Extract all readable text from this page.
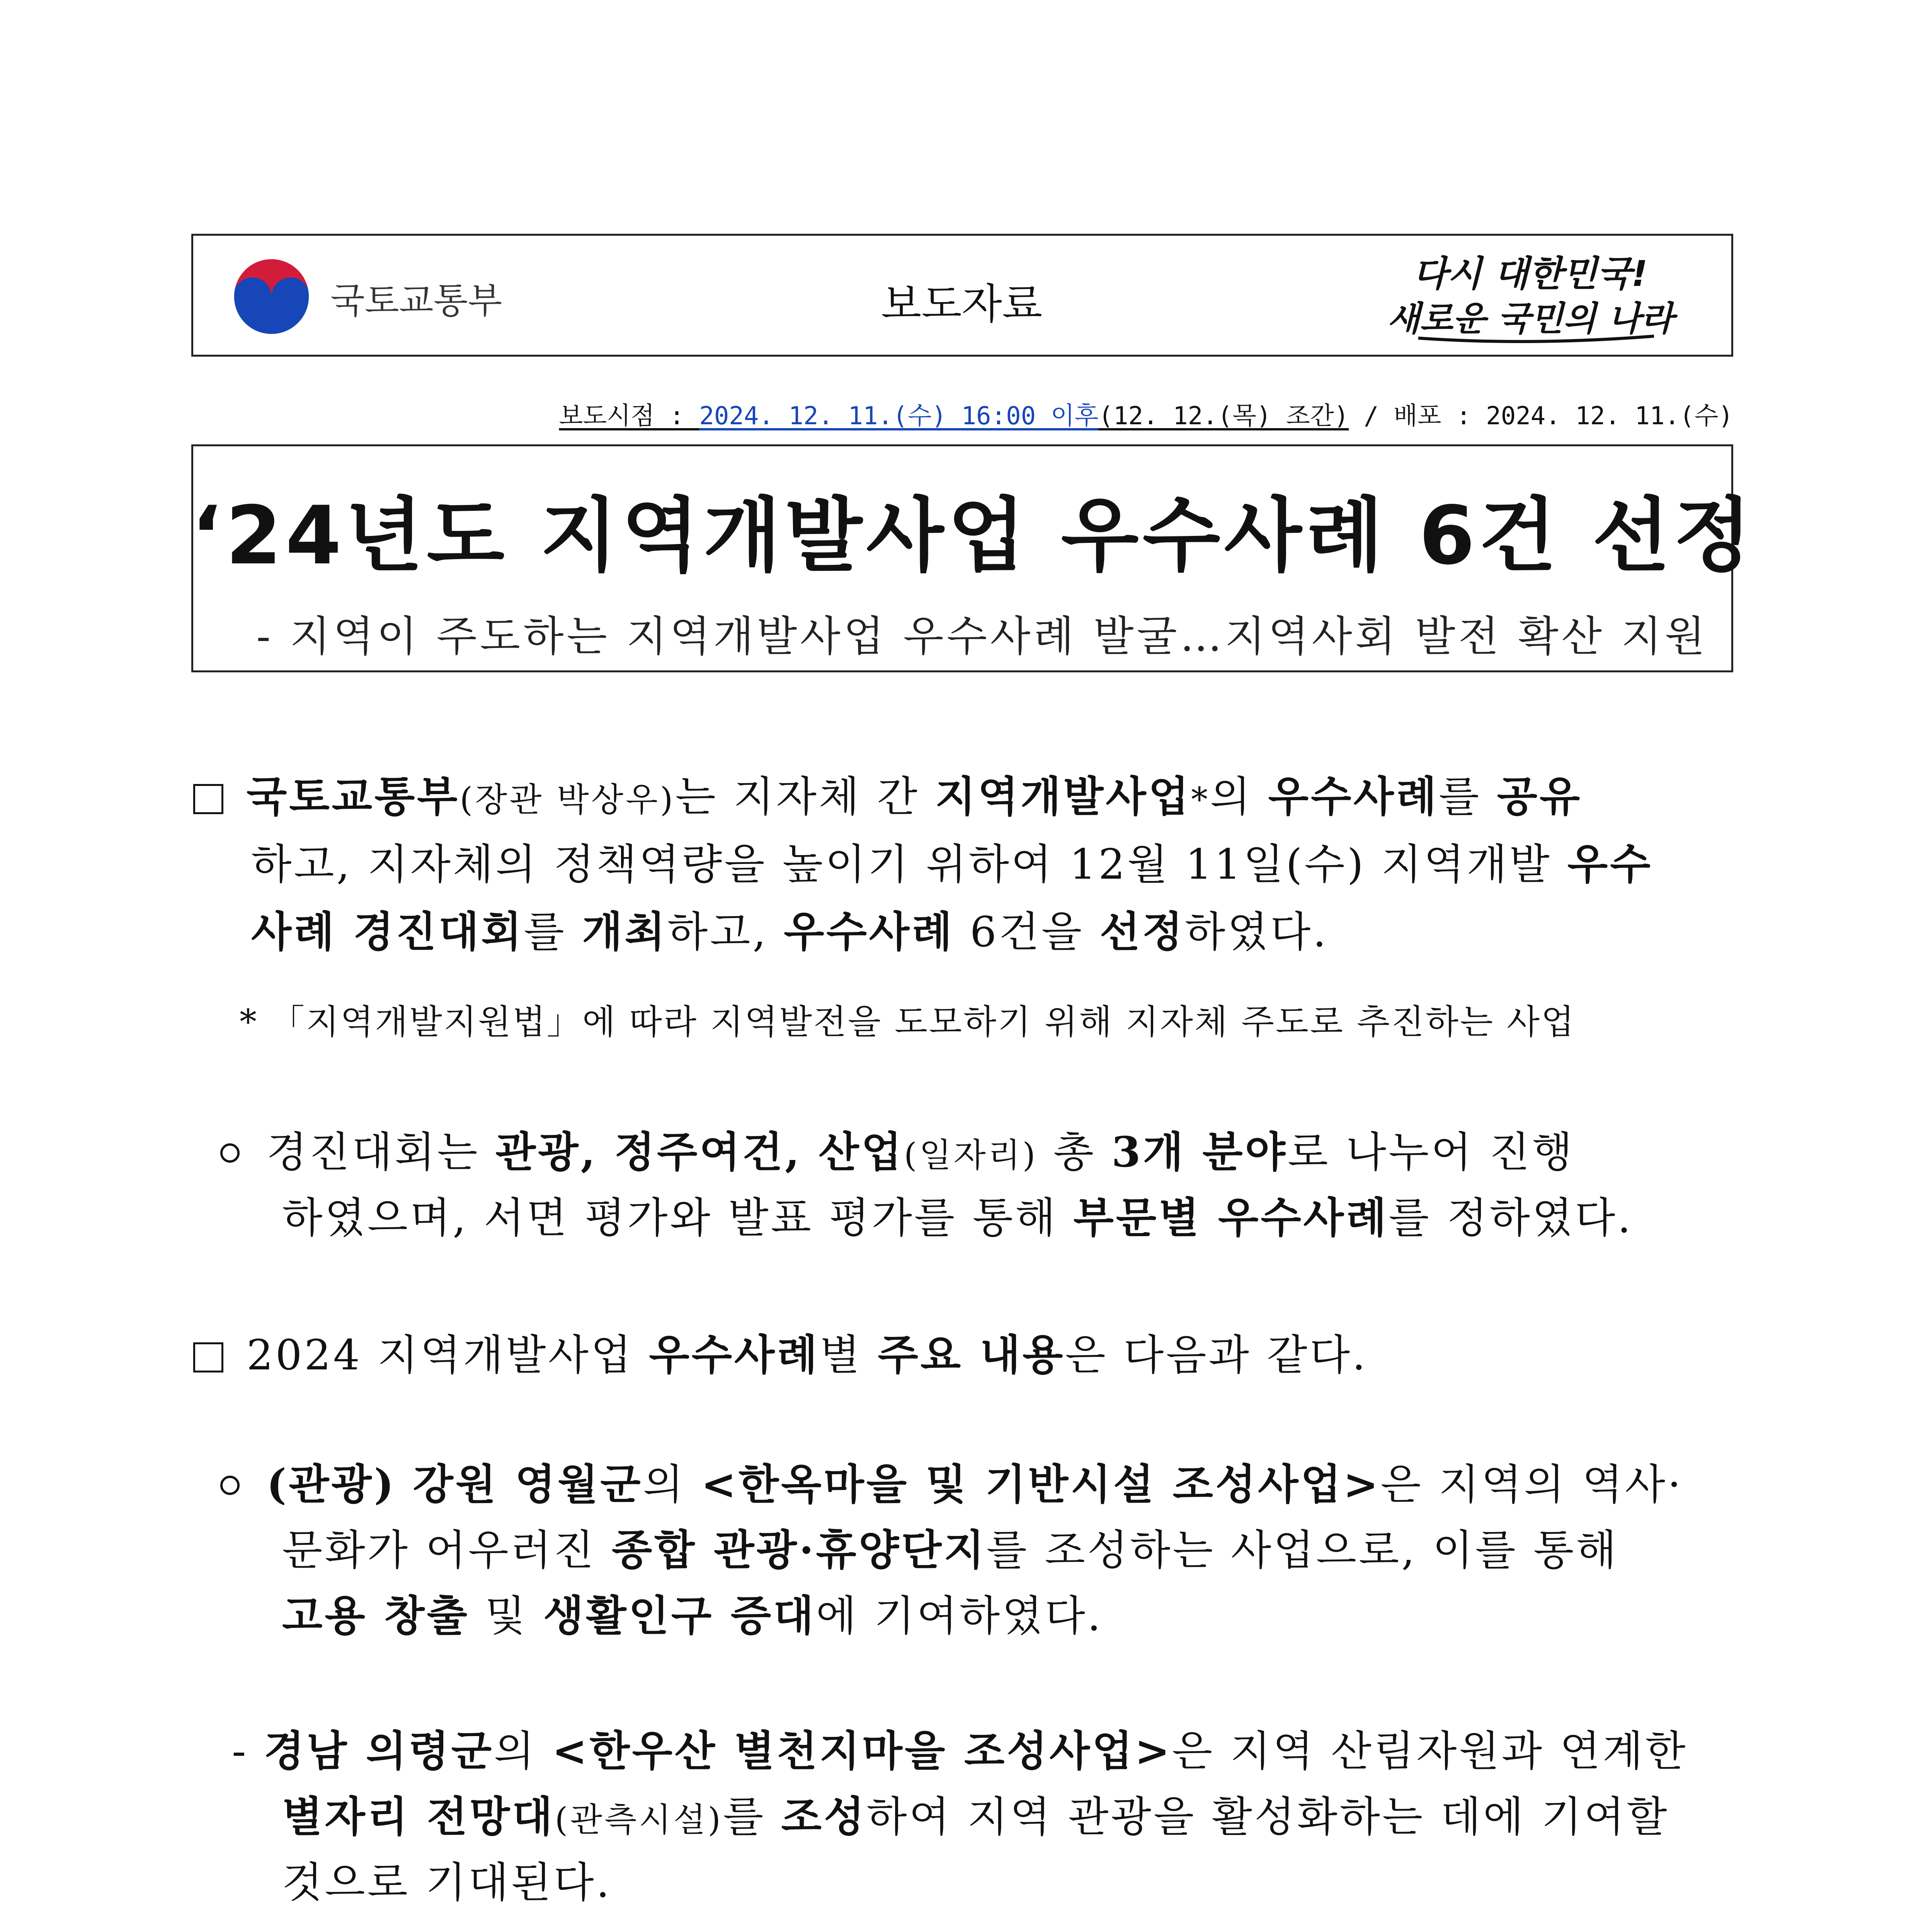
국토교통부	보도자료
다시 대한민국!
새로운 국민의 나라
보도시점 : 2024. 12. 11.(수) 16:00 이후(12. 12.(목) 조간) / 배포 : 2024. 12. 11.(수)
‘24년도 지역개발사업 우수사례 6건 선정
- 지역이 주도하는 지역개발사업 우수사례 발굴…지역사회 발전 확산 지원
국토교통부(장관 박상우)는 지자체 간 지역개발사업*의 우수사례를 공유
하고, 지자체의 정책역량을 높이기 위하여 12월 11일(수) 지역개발 우수
사례 경진대회를 개최하고, 우수사례 6건을 선정하였다.
* 「지역개발지원법」에 따라 지역발전을 도모하기 위해 지자체 주도로 추진하는 사업
경진대회는 관광, 정주여건, 산업(일자리) 총 3개 분야로 나누어 진행
하였으며, 서면 평가와 발표 평가를 통해 부문별 우수사례를 정하였다.
2024 지역개발사업 우수사례별 주요 내용은 다음과 같다.
(관광) 강원 영월군의 <한옥마을 및 기반시설 조성사업>은 지역의 역사·
문화가 어우러진 종합 관광·휴양단지를 조성하는 사업으로, 이를 통해
고용 창출 및 생활인구 증대에 기여하였다.
- 경남 의령군의 <한우산 별천지마을 조성사업>은 지역 산림자원과 연계한
별자리 전망대(관측시설)를 조성하여 지역 관광을 활성화하는 데에 기여할
것으로 기대된다.
